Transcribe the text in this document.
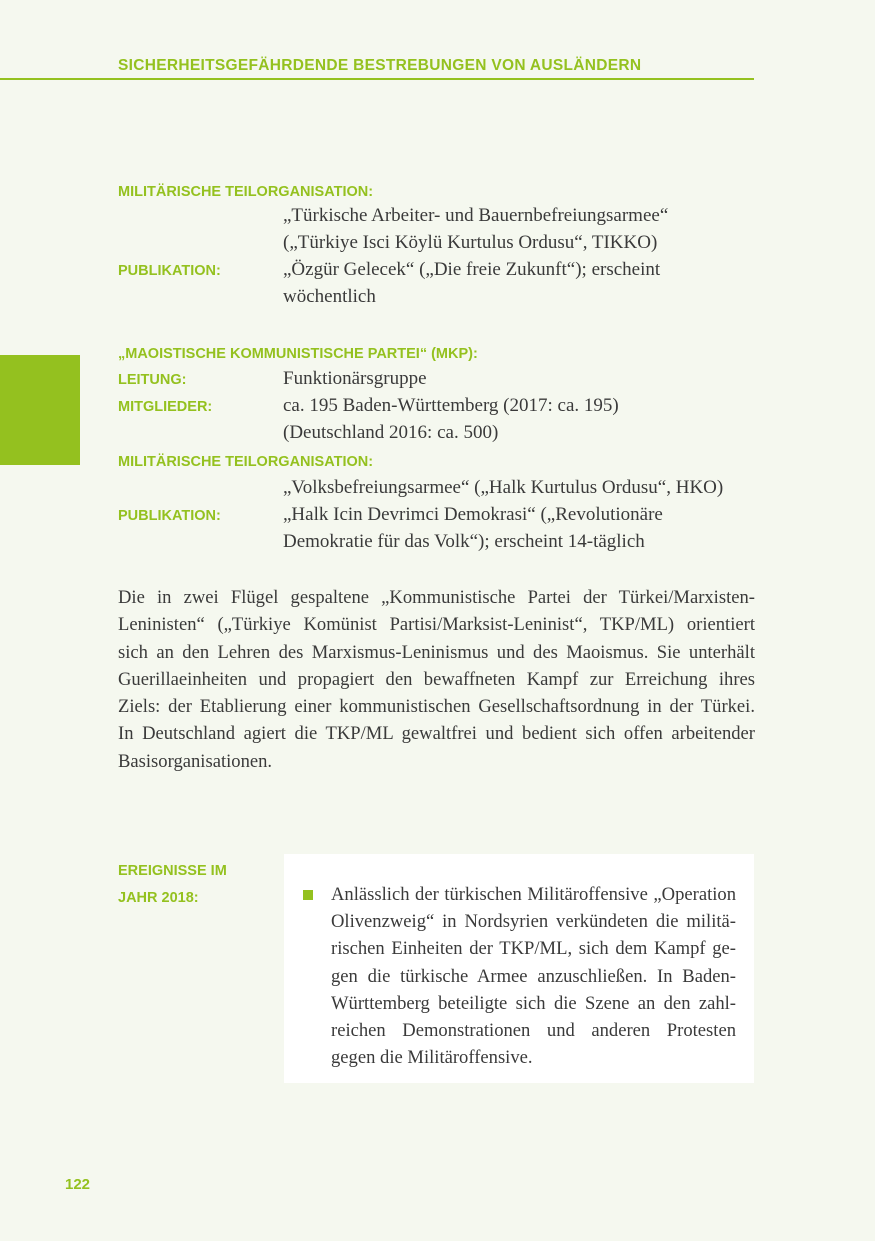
SICHERHEITSGEFÄHRDENDE BESTREBUNGEN VON AUSLÄNDERN
MILITÄRISCHE TEILORGANISATION:
„Türkische Arbeiter- und Bauernbefreiungsarmee“
(„Türkiye Isci Köylü Kurtulus Ordusu“, TIKKO)
PUBLIKATION:	„Özgür Gelecek“ („Die freie Zukunft“); erscheint
wöchentlich
„MAOISTISCHE KOMMUNISTISCHE PARTEI“ (MKP):
LEITUNG:	Funktionärsgruppe
MITGLIEDER:	ca. 195 Baden-Württemberg (2017: ca. 195)
(Deutschland 2016: ca. 500)
MILITÄRISCHE TEILORGANISATION:
„Volksbefreiungsarmee“ („Halk Kurtulus Ordusu“, HKO)
PUBLIKATION:	„Halk Icin Devrimci Demokrasi“ („Revolutionäre
Demokratie für das Volk“); erscheint 14-täglich
Die in zwei Flügel gespaltene „Kommunistische Partei der Türkei/Marxisten-
Leninisten“ („Türkiye Komünist Partisi/Marksist-Leninist“, TKP/ML) orientiert
sich an den Lehren des Marxismus-Leninismus und des Maoismus. Sie unterhält
Guerillaeinheiten und propagiert den bewaffneten Kampf zur Erreichung ihres
Ziels: der Etablierung einer kommunistischen Gesellschaftsordnung in der Türkei.
In Deutschland agiert die TKP/ML gewaltfrei und bedient sich offen arbeitender
Basisorganisationen.
EREIGNISSE IM
JAHR 2018:	Anlässlich der türkischen Militäroffensive „Operation
Olivenzweig“ in Nordsyrien verkündeten die militä-
rischen Einheiten der TKP/ML, sich dem Kampf ge-
gen die türkische Armee anzuschließen. In Baden-
Württemberg beteiligte sich die Szene an den zahl-
reichen Demonstrationen und anderen Protesten
gegen die Militäroffensive.
122
